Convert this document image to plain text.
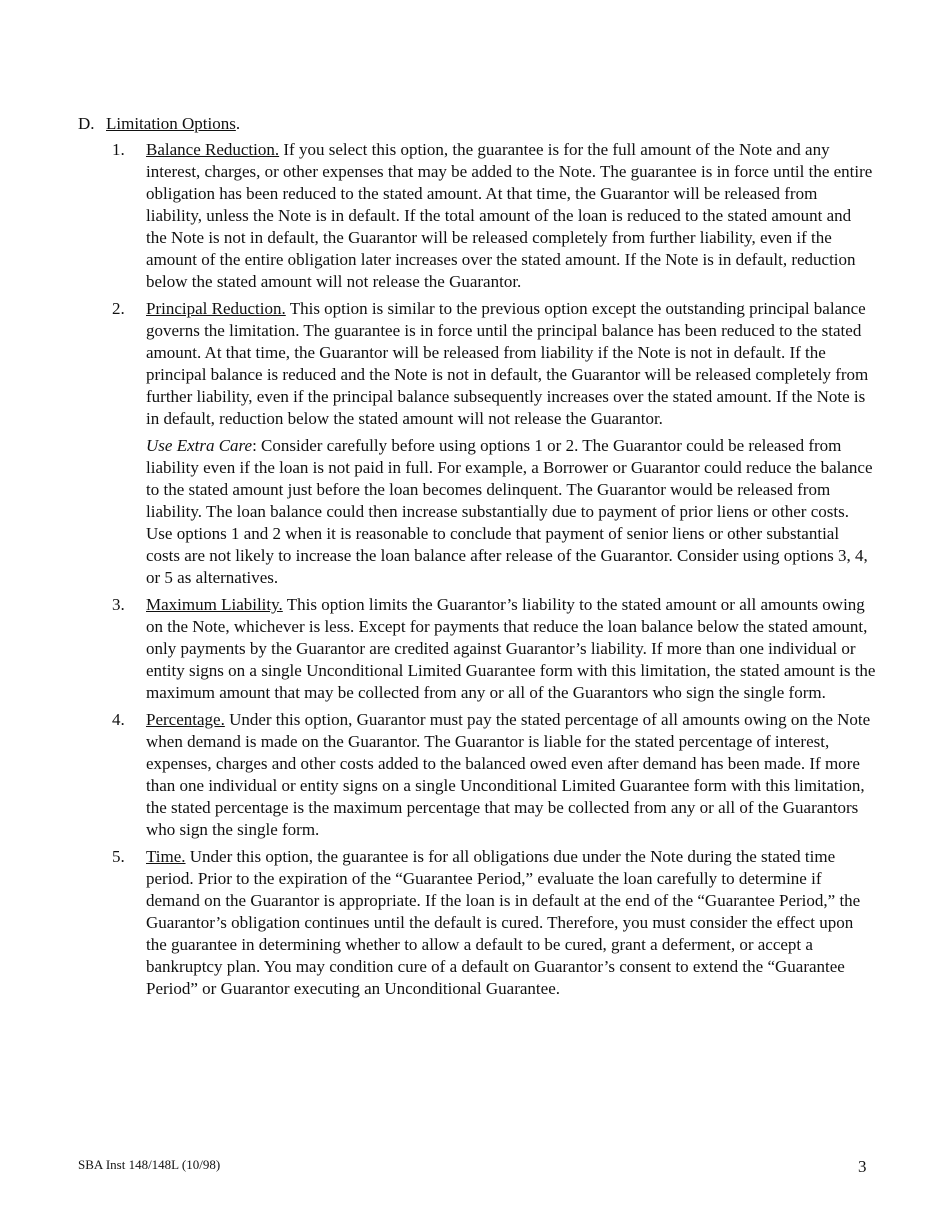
D. Limitation Options.
1. Balance Reduction. If you select this option, the guarantee is for the full amount of the Note and any interest, charges, or other expenses that may be added to the Note. The guarantee is in force until the entire obligation has been reduced to the stated amount. At that time, the Guarantor will be released from liability, unless the Note is in default. If the total amount of the loan is reduced to the stated amount and the Note is not in default, the Guarantor will be released completely from further liability, even if the amount of the entire obligation later increases over the stated amount. If the Note is in default, reduction below the stated amount will not release the Guarantor.

2. Principal Reduction. This option is similar to the previous option except the outstanding principal balance governs the limitation. The guarantee is in force until the principal balance has been reduced to the stated amount. At that time, the Guarantor will be released from liability if the Note is not in default. If the principal balance is reduced and the Note is not in default, the Guarantor will be released completely from further liability, even if the principal balance subsequently increases over the stated amount. If the Note is in default, reduction below the stated amount will not release the Guarantor.

Use Extra Care: Consider carefully before using options 1 or 2. The Guarantor could be released from liability even if the loan is not paid in full. For example, a Borrower or Guarantor could reduce the balance to the stated amount just before the loan becomes delinquent. The Guarantor would be released from liability. The loan balance could then increase substantially due to payment of prior liens or other costs. Use options 1 and 2 when it is reasonable to conclude that payment of senior liens or other substantial costs are not likely to increase the loan balance after release of the Guarantor. Consider using options 3, 4, or 5 as alternatives.

3. Maximum Liability. This option limits the Guarantor’s liability to the stated amount or all amounts owing on the Note, whichever is less. Except for payments that reduce the loan balance below the stated amount, only payments by the Guarantor are credited against Guarantor’s liability. If more than one individual or entity signs on a single Unconditional Limited Guarantee form with this limitation, the stated amount is the maximum amount that may be collected from any or all of the Guarantors who sign the single form.

4. Percentage. Under this option, Guarantor must pay the stated percentage of all amounts owing on the Note when demand is made on the Guarantor. The Guarantor is liable for the stated percentage of interest, expenses, charges and other costs added to the balanced owed even after demand has been made. If more than one individual or entity signs on a single Unconditional Limited Guarantee form with this limitation, the stated percentage is the maximum percentage that may be collected from any or all of the Guarantors who sign the single form.

5. Time. Under this option, the guarantee is for all obligations due under the Note during the stated time period. Prior to the expiration of the “Guarantee Period,” evaluate the loan carefully to determine if demand on the Guarantor is appropriate. If the loan is in default at the end of the “Guarantee Period,” the Guarantor’s obligation continues until the default is cured. Therefore, you must consider the effect upon the guarantee in determining whether to allow a default to be cured, grant a deferment, or accept a bankruptcy plan. You may condition cure of a default on Guarantor’s consent to extend the “Guarantee Period” or Guarantor executing an Unconditional Guarantee.

SBA Inst 148/148L (10/98)	3
